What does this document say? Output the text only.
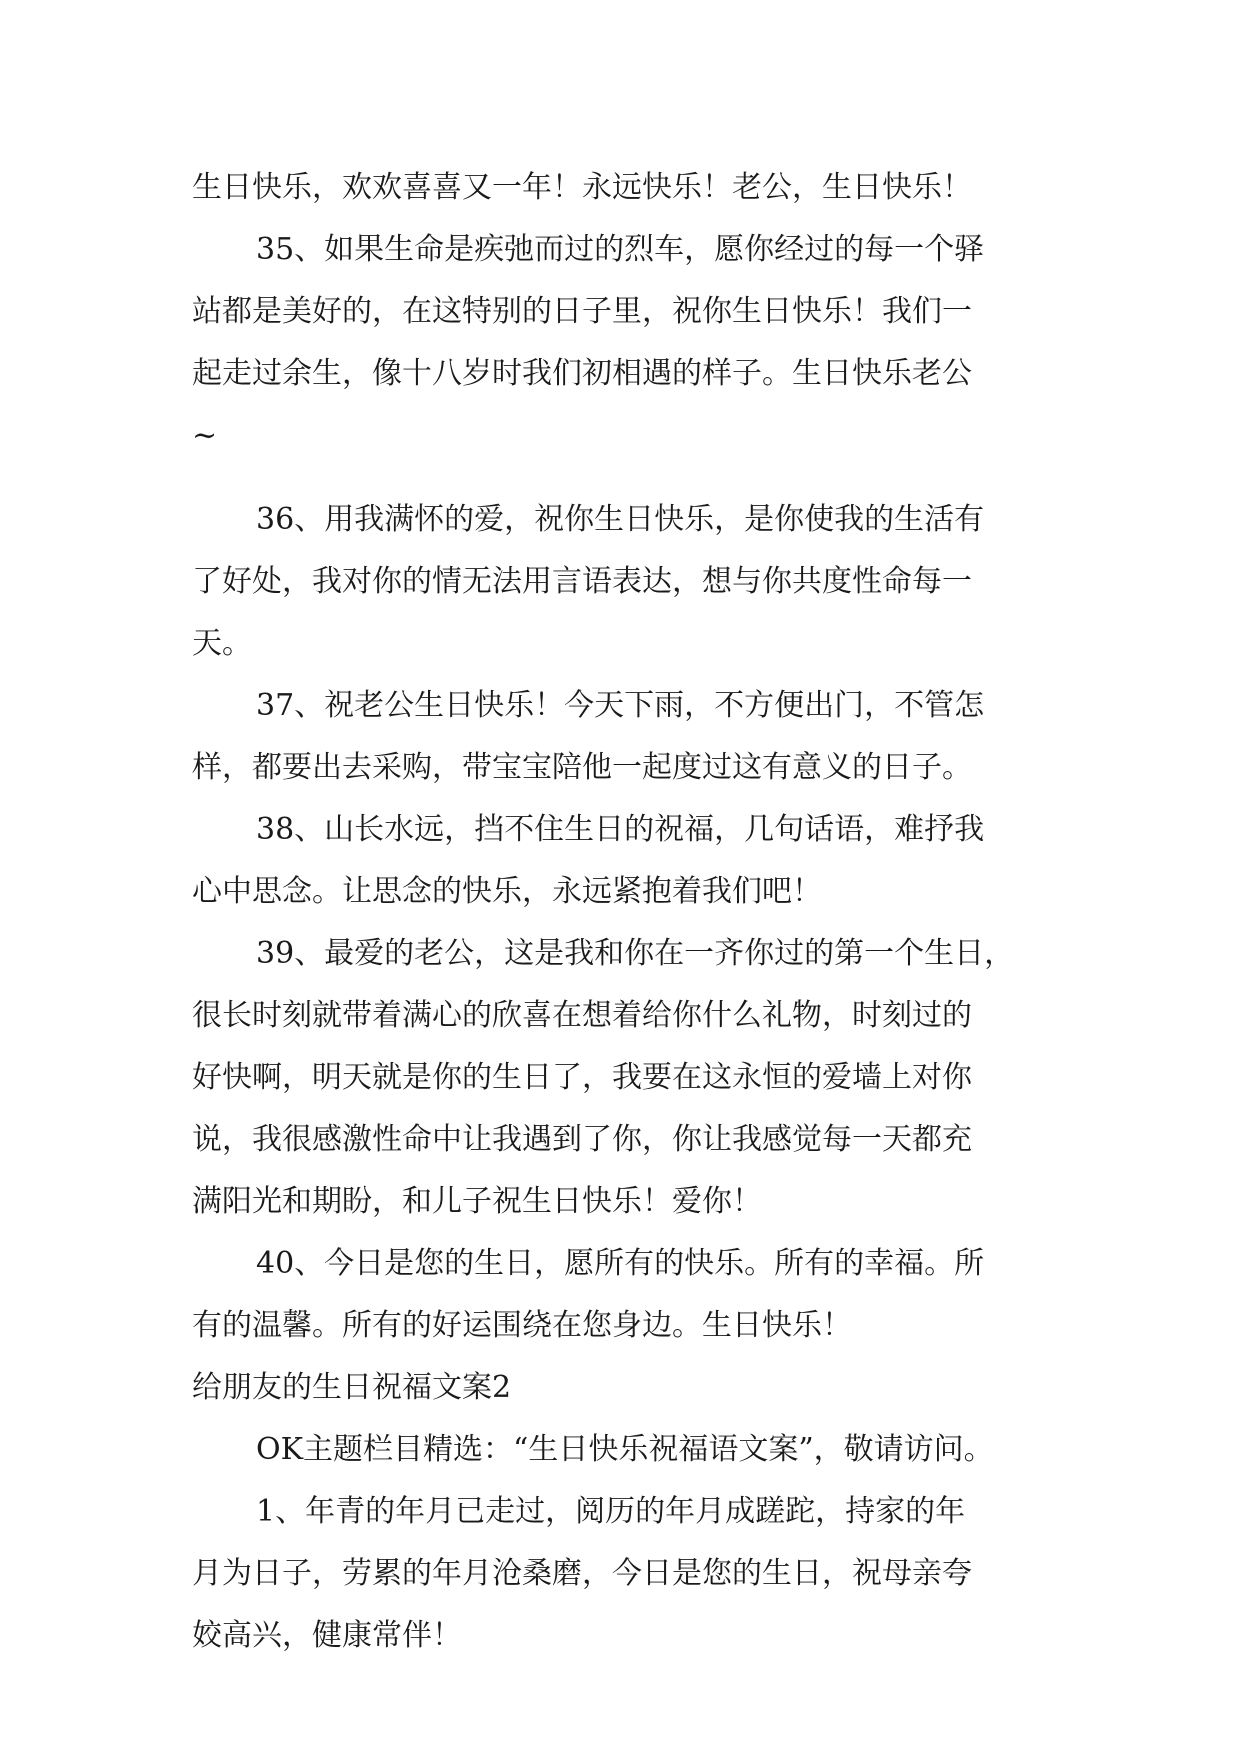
生日快乐，欢欢喜喜又一年！永远快乐！老公，生日快乐！
35、如果生命是疾弛而过的烈车，愿你经过的每一个驿
站都是美好的，在这特别的日子里，祝你生日快乐！我们一
起走过余生，像十八岁时我们初相遇的样子。生日快乐老公
~
36、用我满怀的爱，祝你生日快乐，是你使我的生活有
了好处，我对你的情无法用言语表达，想与你共度性命每一
天。
37、祝老公生日快乐！今天下雨，不方便出门，不管怎
样，都要出去采购，带宝宝陪他一起度过这有意义的日子。
38、山长水远，挡不住生日的祝福，几句话语，难抒我
心中思念。让思念的快乐，永远紧抱着我们吧！
39、最爱的老公，这是我和你在一齐你过的第一个生日，
很长时刻就带着满心的欣喜在想着给你什么礼物，时刻过的
好快啊，明天就是你的生日了，我要在这永恒的爱墙上对你
说，我很感激性命中让我遇到了你，你让我感觉每一天都充
满阳光和期盼，和儿子祝生日快乐！爱你！
40、今日是您的生日，愿所有的快乐。所有的幸福。所
有的温馨。所有的好运围绕在您身边。生日快乐！
给朋友的生日祝福文案2
OK主题栏目精选：“生日快乐祝福语文案”，敬请访问。
1、年青的年月已走过，阅历的年月成蹉跎，持家的年
月为日子，劳累的年月沧桑磨，今日是您的生日，祝母亲夸
姣高兴，健康常伴！
